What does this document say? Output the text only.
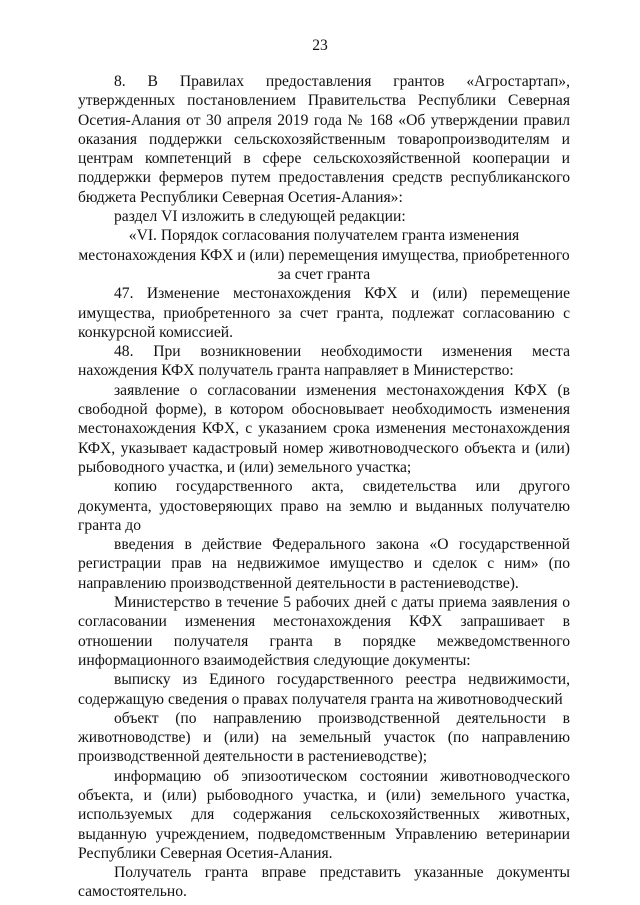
23

8. В Правилах предоставления грантов «Агростартап»,
утвержденных постановлением Правительства Республики Северная Осетия-Алания от 30 апреля 2019 года № 168 «Об утверждении правил оказания поддержки сельскохозяйственным товаропроизводителям и центрам компетенций в сфере сельскохозяйственной кооперации и поддержки фермеров путем предоставления средств республиканского бюджета Республики Северная Осетия-Алания»:

раздел VI изложить в следующей редакции:

«VI. Порядок согласования получателем гранта изменения местонахождения КФХ и (или) перемещения имущества, приобретенного за счет гранта

47. Изменение местонахождения КФХ и (или) перемещение
имущества, приобретенного за счет гранта, подлежат согласованию с конкурсной комиссией.

48. При возникновении необходимости изменения места нахождения КФХ получатель гранта направляет в Министерство:

заявление о согласовании изменения местонахождения КФХ (в свободной форме), в котором обосновывает необходимость изменения местонахождения КФХ, с указанием срока изменения местонахождения КФХ, указывает кадастровый номер животноводческого объекта и (или) рыбоводного участка, и (или) земельного участка;

копию государственного акта, свидетельства или другого документа, удостоверяющих право на землю и выданных получателю гранта до
введения в действие Федерального закона «О государственной
регистрации прав на недвижимое имущество и сделок с ним» (по направлению производственной деятельности в растениеводстве).

Министерство в течение 5 рабочих дней с даты приема заявления о согласовании изменения местонахождения КФХ запрашивает в отношении получателя гранта в порядке межведомственного информационного взаимодействия следующие документы:

выписку из Единого государственного реестра недвижимости, содержащую сведения о правах получателя гранта на животноводческий
объект (по направлению производственной деятельности в
животноводстве) и (или) на земельный участок (по направлению производственной деятельности в растениеводстве);

информацию об эпизоотическом состоянии животноводческого объекта, и (или) рыбоводного участка, и (или) земельного участка, используемых для содержания сельскохозяйственных животных, выданную учреждением, подведомственным Управлению ветеринарии Республики Северная Осетия-Алания.

Получатель гранта вправе представить указанные документы самостоятельно.
